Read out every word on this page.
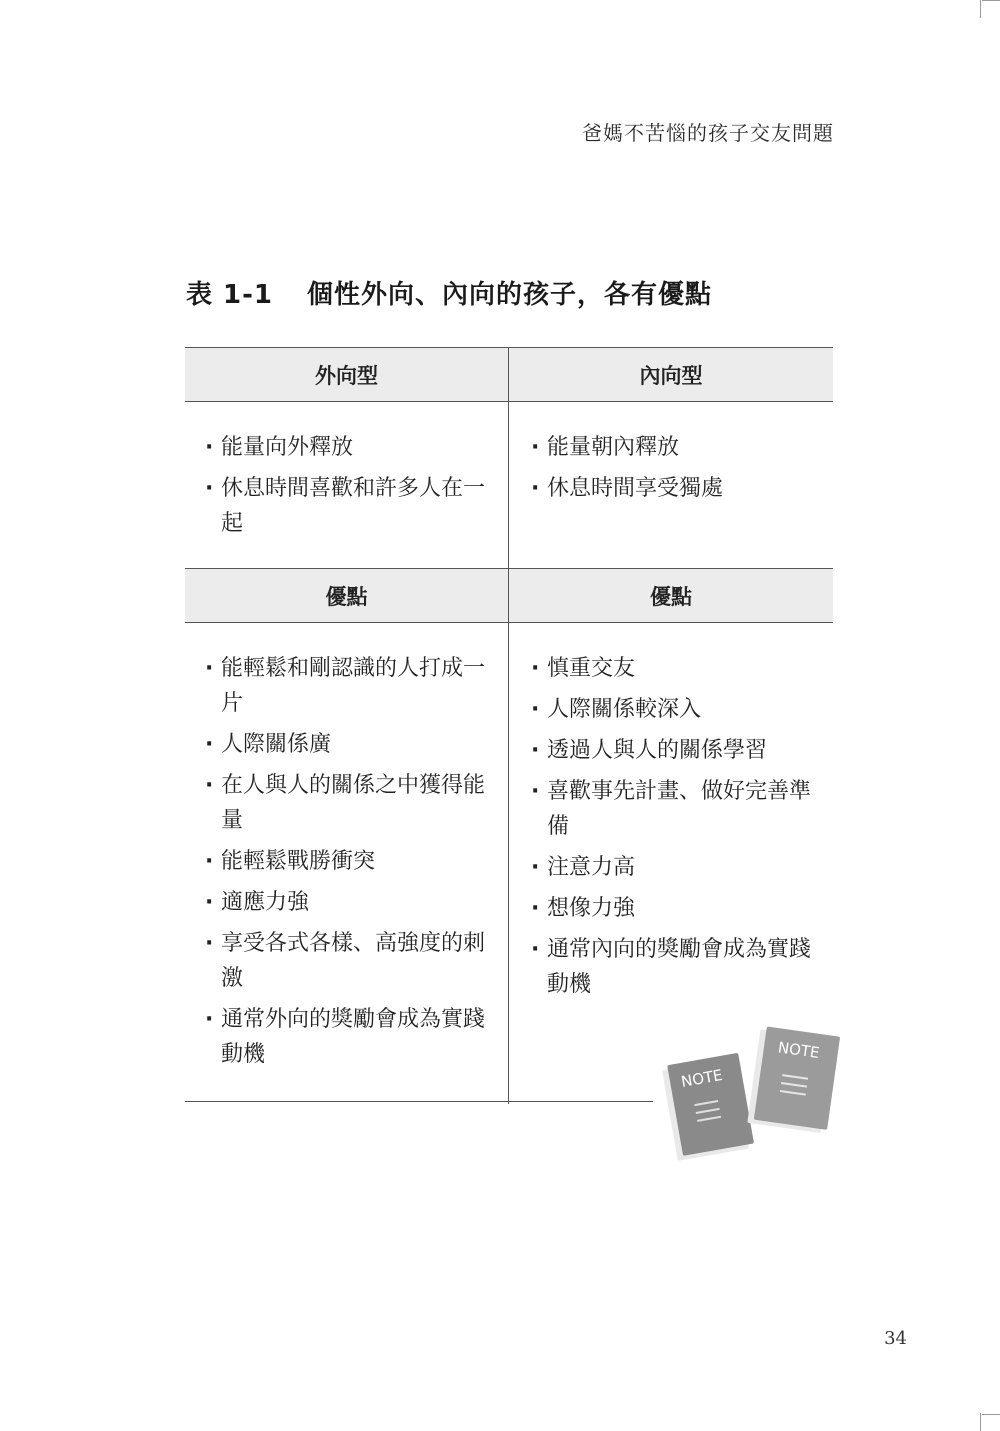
爸媽不苦惱的孩子交友問題
表 1-1 個性外向、內向的孩子，各有優點
外向型	內向型
· 能量向外釋放
· 休息時間喜歡和許多人在一起
· 能量朝內釋放
· 休息時間享受獨處
優點	優點
· 能輕鬆和剛認識的人打成一片
· 人際關係廣
· 在人與人的關係之中獲得能量
· 能輕鬆戰勝衝突
· 適應力強
· 享受各式各樣、高強度的刺激
· 通常外向的獎勵會成為實踐動機
· 慎重交友
· 人際關係較深入
· 透過人與人的關係學習
· 喜歡事先計畫、做好完善準備
· 注意力高
· 想像力強
· 通常內向的獎勵會成為實踐動機
NOTE
NOTE
34
